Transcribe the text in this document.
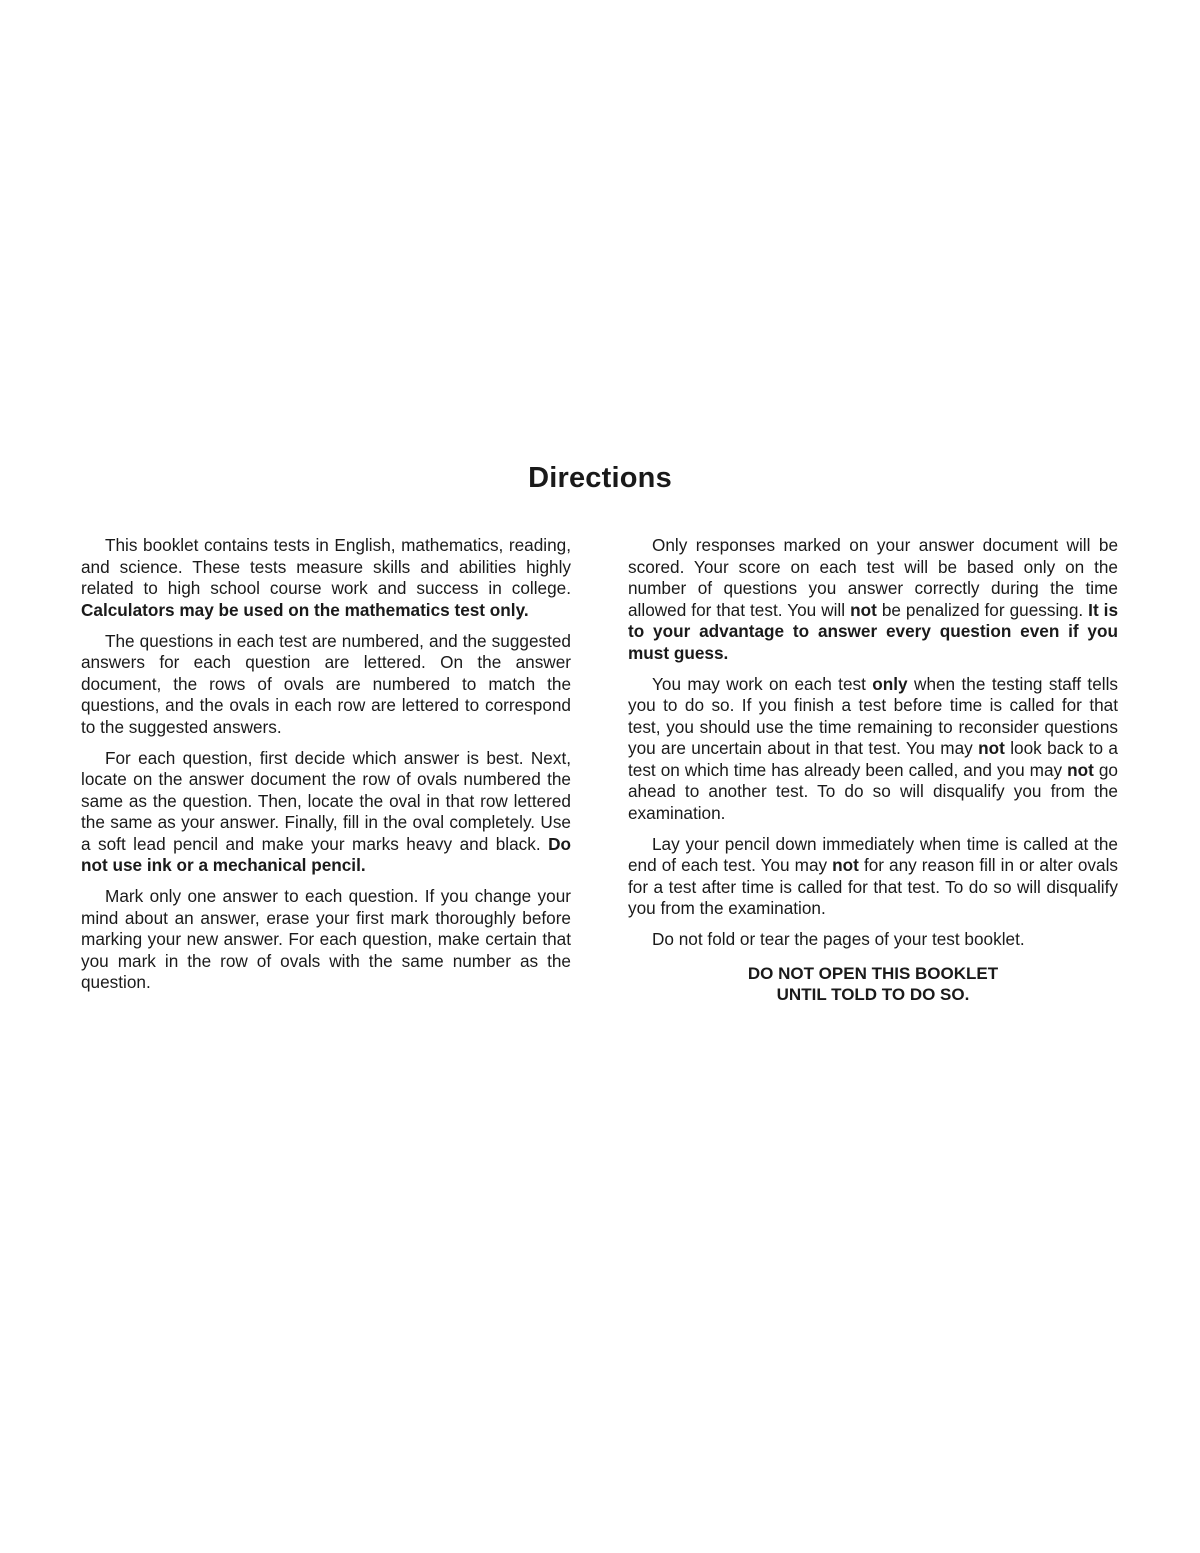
Directions

This booklet contains tests in English, mathematics, reading, and science. These tests measure skills and abilities highly related to high school course work and success in college. Calculators may be used on the mathematics test only.

The questions in each test are numbered, and the suggested answers for each question are lettered. On the answer document, the rows of ovals are numbered to match the questions, and the ovals in each row are lettered to correspond to the suggested answers.

For each question, first decide which answer is best. Next, locate on the answer document the row of ovals numbered the same as the question. Then, locate the oval in that row lettered the same as your answer. Finally, fill in the oval completely. Use a soft lead pencil and make your marks heavy and black. Do not use ink or a mechanical pencil.

Mark only one answer to each question. If you change your mind about an answer, erase your first mark thoroughly before marking your new answer. For each question, make certain that you mark in the row of ovals with the same number as the question.

Only responses marked on your answer document will be scored. Your score on each test will be based only on the number of questions you answer correctly during the time allowed for that test. You will not be penalized for guessing. It is to your advantage to answer every question even if you must guess.

You may work on each test only when the testing staff tells you to do so. If you finish a test before time is called for that test, you should use the time remaining to reconsider questions you are uncertain about in that test. You may not look back to a test on which time has already been called, and you may not go ahead to another test. To do so will disqualify you from the examination.

Lay your pencil down immediately when time is called at the end of each test. You may not for any reason fill in or alter ovals for a test after time is called for that test. To do so will disqualify you from the examination.

Do not fold or tear the pages of your test booklet.

DO NOT OPEN THIS BOOKLET
UNTIL TOLD TO DO SO.
